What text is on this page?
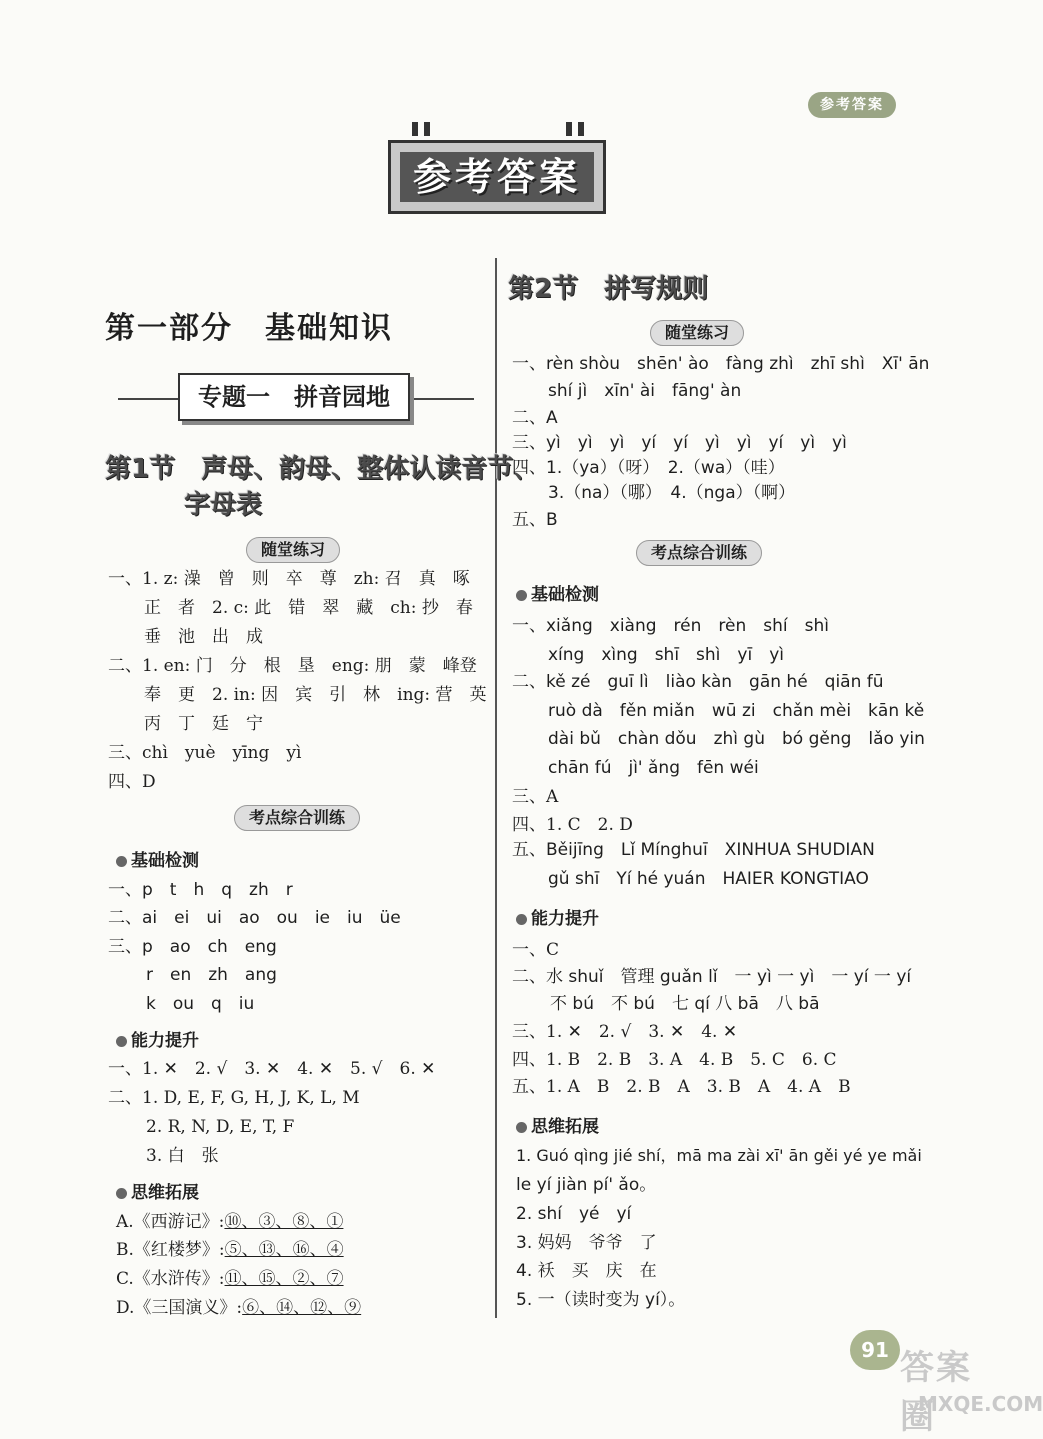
参考答案
参考答案
第一部分　基础知识
专题一　拼音园地
第1节　声母、韵母、整体认读音节、
字母表
随堂练习
一、1. z: 澡　曾　则　卒　尊　zh: 召　真　啄
正　者　2. c: 此　错　翠　藏　ch: 抄　春
垂　池　出　成
二、1. en: 门　分　根　垦　eng: 朋　蒙　峰登
奉　更　2. in: 因　宾　引　林　ing: 营　英
丙　丁　廷　宁
三、chì　yuè　yīng　yì
四、D
考点综合训练
基础检测
一、p　t　h　q　zh　r
二、ai　ei　ui　ao　ou　ie　iu　üe
三、p　ao　ch　eng
r　en　zh　ang
k　ou　q　iu
能力提升
一、1. ✕　2. √　3. ✕　4. ✕　5. √　6. ✕
二、1. D, E, F, G, H, J, K, L, M
2. R, N, D, E, T, F
3. 白　张
思维拓展
A.《西游记》:⑩、③、⑧、①
B.《红楼梦》:⑤、⑬、⑯、④
C.《水浒传》:⑪、⑮、②、⑦
D.《三国演义》:⑥、⑭、⑫、⑨
第2节　拼写规则
随堂练习
一、rèn shòu　shēn' ào　fàng zhì　zhī shì　Xī' ān
shí jì　xīn' ài　fāng' àn
二、A
三、yì　yì　yì　yí　yí　yì　yì　yí　yì　yì
四、1.（ya）（呀）　2.（wa）（哇）
3.（na）（哪）　4.（nga）（啊）
五、B
考点综合训练
基础检测
一、xiǎng　xiàng　rén　rèn　shí　shì
xíng　xìng　shī　shì　yī　yì
二、kě zé　guī lì　liào kàn　gān hé　qiān fū
ruò dà　fěn miǎn　wū zi　chǎn mèi　kān kě
dài bǔ　chàn dǒu　zhì gù　bó gěng　lǎo yin
chān fú　jì' ǎng　fēn wéi
三、A
四、1. C　2. D
五、Běijīng　Lǐ Mínghuī　XINHUA SHUDIAN
gǔ shī　Yí hé yuán　HAIER KONGTIAO
能力提升
一、C
二、水 shuǐ　管理 guǎn lǐ　一 yì 一 yì　一 yí 一 yí
不 bú　不 bú　七 qí 八 bā　八 bā
三、1. ✕　2. √　3. ✕　4. ✕
四、1. B　2. B　3. A　4. B　5. C　6. C
五、1. A　B　2. B　A　3. B　A　4. A　B
思维拓展
1. Guó qìng jié shí，mā ma zài xī' ān gěi yé ye mǎi
le yí jiàn pí' ǎo。
2. shí　yé　yí
3. 妈妈　爷爷　了
4. 袄　买　庆　在
5. 一（读时变为 yí）。
91 答案圈
MXQE.COM
